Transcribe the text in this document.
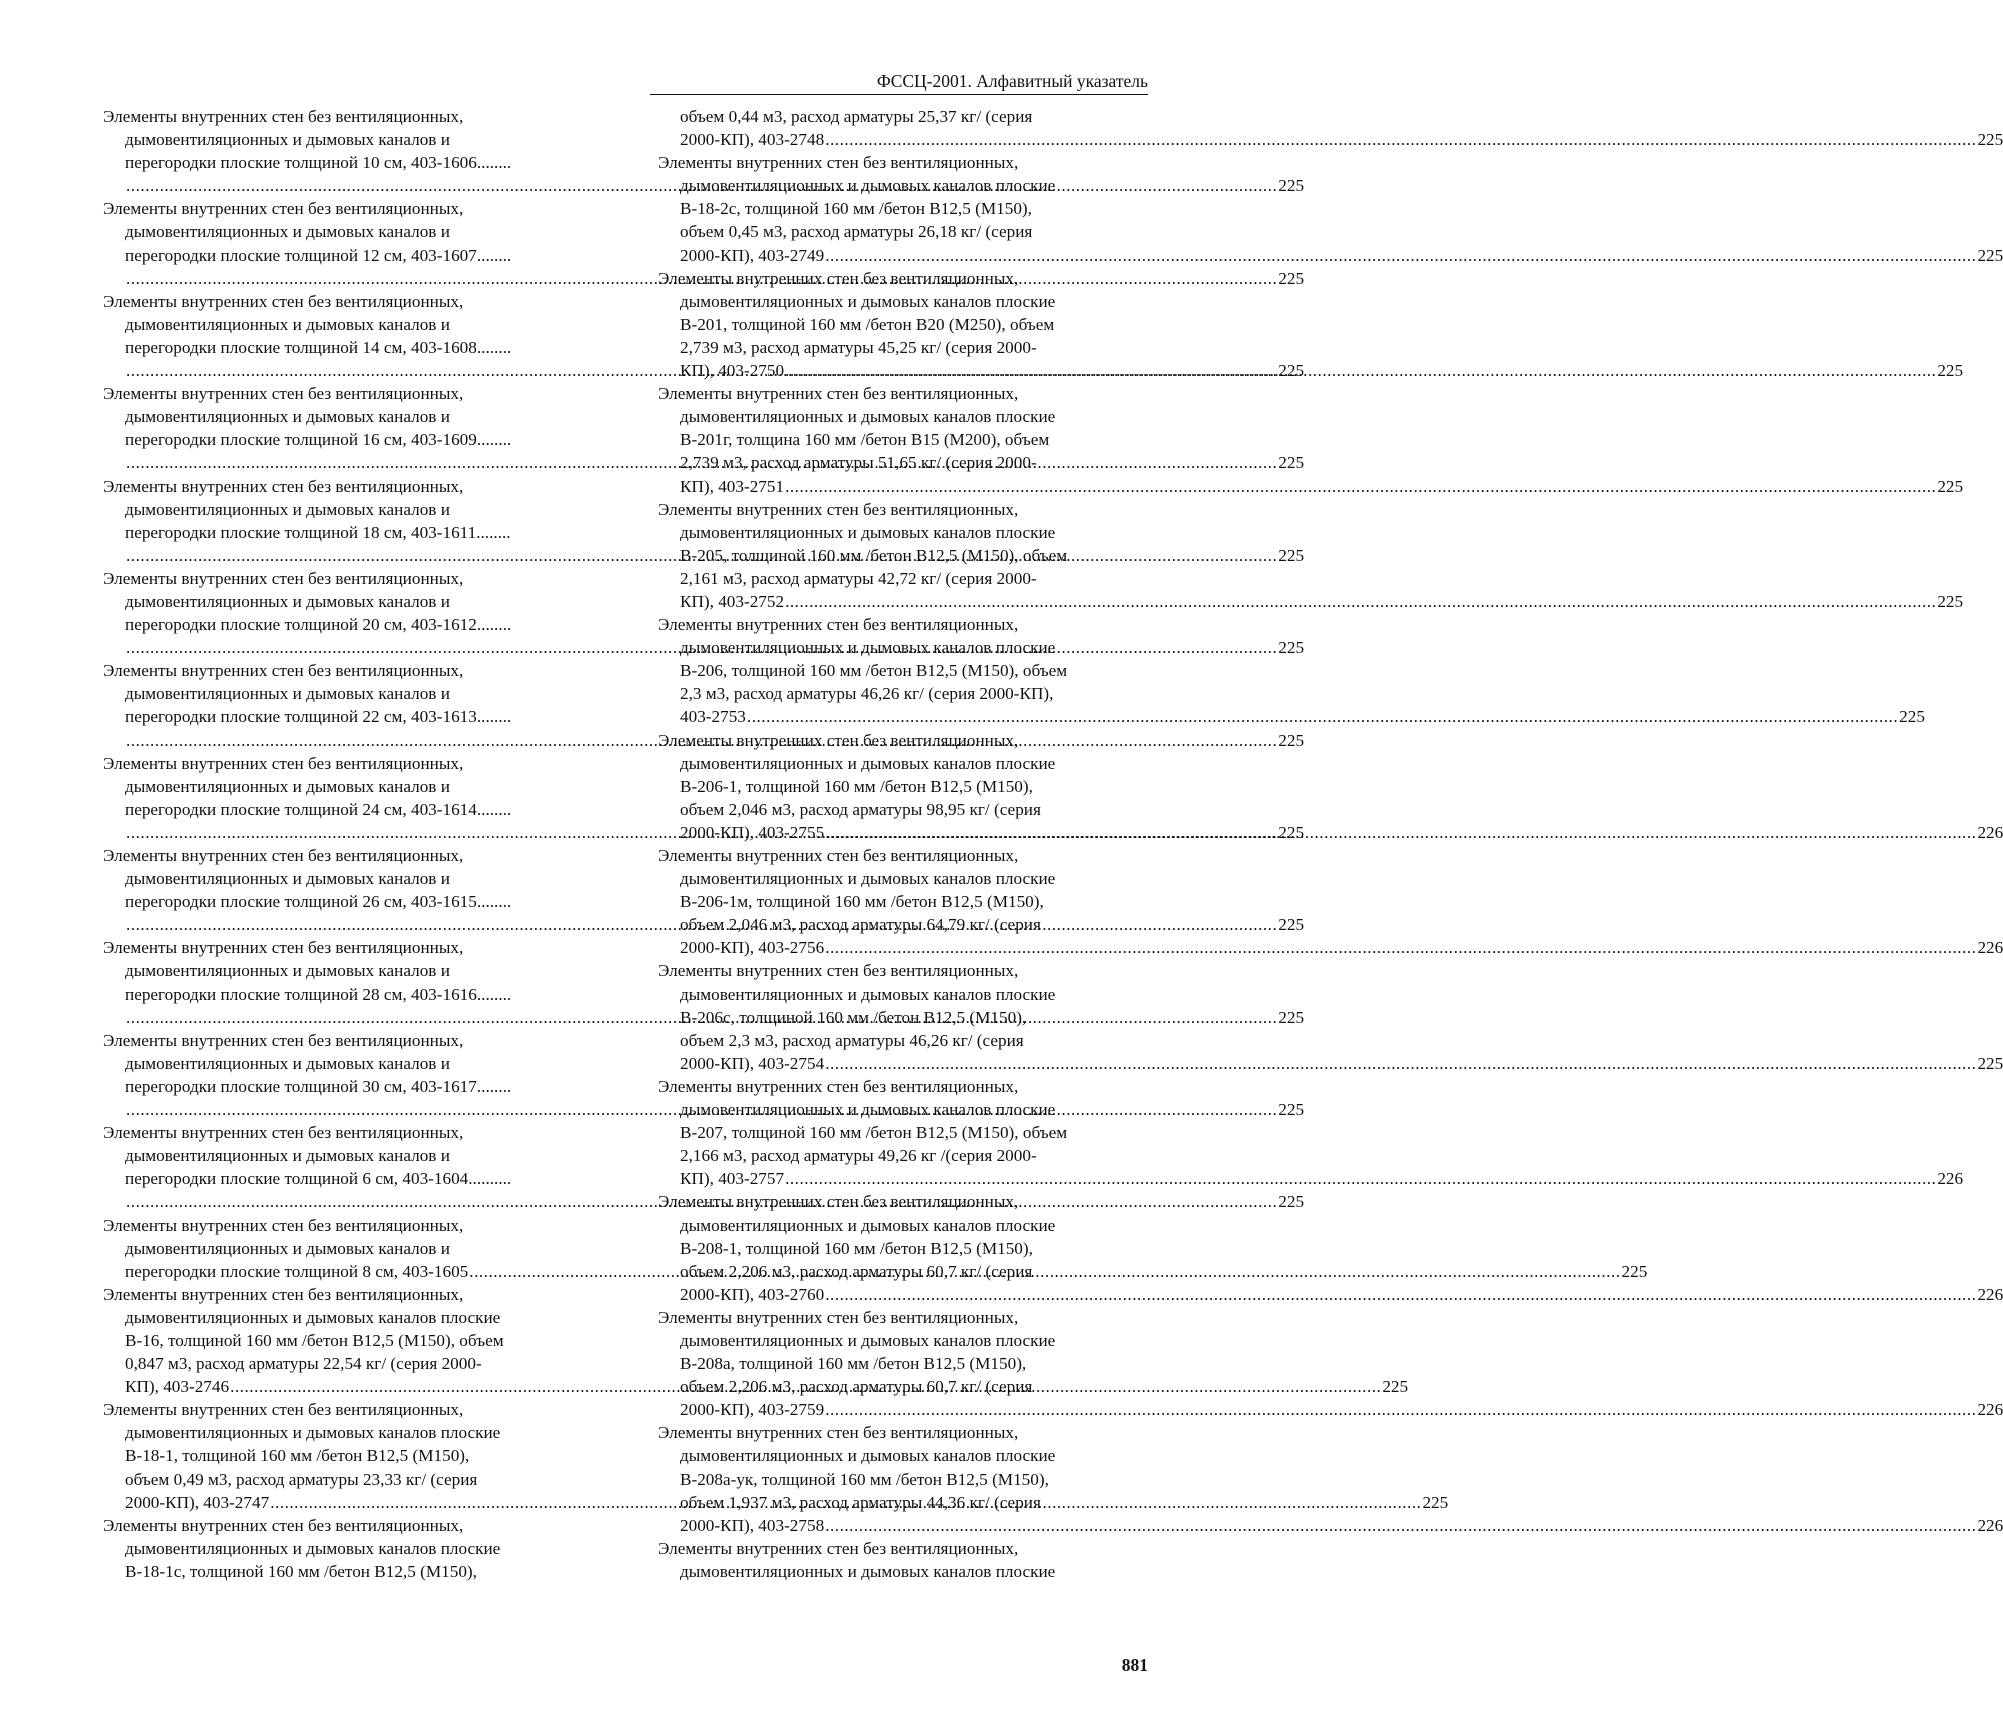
ФССЦ-2001. Алфавитный указатель
Элементы внутренних стен без вентиляционных,
дымовентиляционных и дымовых каналов и
перегородки плоские толщиной 10 см, 403-1606........
.....225
Элементы внутренних стен без вентиляционных,
дымовентиляционных и дымовых каналов и
перегородки плоские толщиной 12 см, 403-1607........
.....225
Элементы внутренних стен без вентиляционных,
дымовентиляционных и дымовых каналов и
перегородки плоские толщиной 14 см, 403-1608........
.....225
Элементы внутренних стен без вентиляционных,
дымовентиляционных и дымовых каналов и
перегородки плоские толщиной 16 см, 403-1609........
.....225
Элементы внутренних стен без вентиляционных,
дымовентиляционных и дымовых каналов и
перегородки плоские толщиной 18 см, 403-1611........
.....225
Элементы внутренних стен без вентиляционных,
дымовентиляционных и дымовых каналов и
перегородки плоские толщиной 20 см, 403-1612........
.....225
Элементы внутренних стен без вентиляционных,
дымовентиляционных и дымовых каналов и
перегородки плоские толщиной 22 см, 403-1613........
.....225
Элементы внутренних стен без вентиляционных,
дымовентиляционных и дымовых каналов и
перегородки плоские толщиной 24 см, 403-1614........
.....225
Элементы внутренних стен без вентиляционных,
дымовентиляционных и дымовых каналов и
перегородки плоские толщиной 26 см, 403-1615........
.....225
Элементы внутренних стен без вентиляционных,
дымовентиляционных и дымовых каналов и
перегородки плоские толщиной 28 см, 403-1616........
.....225
Элементы внутренних стен без вентиляционных,
дымовентиляционных и дымовых каналов и
перегородки плоские толщиной 30 см, 403-1617........
.....225
Элементы внутренних стен без вентиляционных,
дымовентиляционных и дымовых каналов и
перегородки плоские толщиной 6 см, 403-1604..........
.....225
Элементы внутренних стен без вентиляционных,
дымовентиляционных и дымовых каналов и
перегородки плоские толщиной 8 см, 403-1605 .....	225
Элементы внутренних стен без вентиляционных,
дымовентиляционных и дымовых каналов плоские
В-16, толщиной 160 мм /бетон В12,5 (М150), объем
0,847 м3, расход арматуры 22,54 кг/ (серия 2000-
КП), 403-2746 .....	225
Элементы внутренних стен без вентиляционных,
дымовентиляционных и дымовых каналов плоские
В-18-1, толщиной 160 мм /бетон В12,5 (М150),
объем 0,49 м3, расход арматуры 23,33 кг/ (серия
2000-КП), 403-2747 .....	225
Элементы внутренних стен без вентиляционных,
дымовентиляционных и дымовых каналов плоские
В-18-1с, толщиной 160 мм /бетон В12,5 (М150),
объем 0,44 м3, расход арматуры 25,37 кг/ (серия
2000-КП), 403-2748 .....	225
Элементы внутренних стен без вентиляционных,
дымовентиляционных и дымовых каналов плоские
В-18-2с, толщиной 160 мм /бетон В12,5 (М150),
объем 0,45 м3, расход арматуры 26,18 кг/ (серия
2000-КП), 403-2749 .....	225
Элементы внутренних стен без вентиляционных,
дымовентиляционных и дымовых каналов плоские
В-201, толщиной 160 мм /бетон В20 (М250), объем
2,739 м3, расход арматуры 45,25 кг/ (серия 2000-
КП), 403-2750 .....	225
Элементы внутренних стен без вентиляционных,
дымовентиляционных и дымовых каналов плоские
В-201г, толщина 160 мм /бетон В15 (М200), объем
2,739 м3, расход арматуры 51,65 кг/ (серия 2000-
КП), 403-2751 .....	225
Элементы внутренних стен без вентиляционных,
дымовентиляционных и дымовых каналов плоские
В-205, толщиной 160 мм /бетон В12,5 (М150), объем
2,161 м3, расход арматуры 42,72 кг/ (серия 2000-
КП), 403-2752 .....	225
Элементы внутренних стен без вентиляционных,
дымовентиляционных и дымовых каналов плоские
В-206, толщиной 160 мм /бетон В12,5 (М150), объем
2,3 м3, расход арматуры 46,26 кг/ (серия 2000-КП),
403-2753 .....	225
Элементы внутренних стен без вентиляционных,
дымовентиляционных и дымовых каналов плоские
В-206-1, толщиной 160 мм /бетон В12,5 (М150),
объем 2,046 м3, расход арматуры 98,95 кг/ (серия
2000-КП), 403-2755 .....	226
Элементы внутренних стен без вентиляционных,
дымовентиляционных и дымовых каналов плоские
В-206-1м, толщиной 160 мм /бетон В12,5 (М150),
объем 2,046 м3, расход арматуры 64,79 кг/ (серия
2000-КП), 403-2756 .....	226
Элементы внутренних стен без вентиляционных,
дымовентиляционных и дымовых каналов плоские
В-206с, толщиной 160 мм /бетон В12,5 (М150),
объем 2,3 м3, расход арматуры 46,26 кг/ (серия
2000-КП), 403-2754 .....	225
Элементы внутренних стен без вентиляционных,
дымовентиляционных и дымовых каналов плоские
В-207, толщиной 160 мм /бетон В12,5 (М150), объем
2,166 м3, расход арматуры 49,26 кг /(серия 2000-
КП), 403-2757 .....	226
Элементы внутренних стен без вентиляционных,
дымовентиляционных и дымовых каналов плоские
В-208-1, толщиной 160 мм /бетон В12,5 (М150),
объем 2,206 м3, расход арматуры 60,7 кг/ (серия
2000-КП), 403-2760 .....	226
Элементы внутренних стен без вентиляционных,
дымовентиляционных и дымовых каналов плоские
В-208а, толщиной 160 мм /бетон В12,5 (М150),
объем 2,206 м3, расход арматуры 60,7 кг/ (серия
2000-КП), 403-2759 .....	226
Элементы внутренних стен без вентиляционных,
дымовентиляционных и дымовых каналов плоские
В-208а-ук, толщиной 160 мм /бетон В12,5 (М150),
объем 1,937 м3, расход арматуры 44,36 кг/ (серия
2000-КП), 403-2758 .....	226
Элементы внутренних стен без вентиляционных,
дымовентиляционных и дымовых каналов плоские
881
